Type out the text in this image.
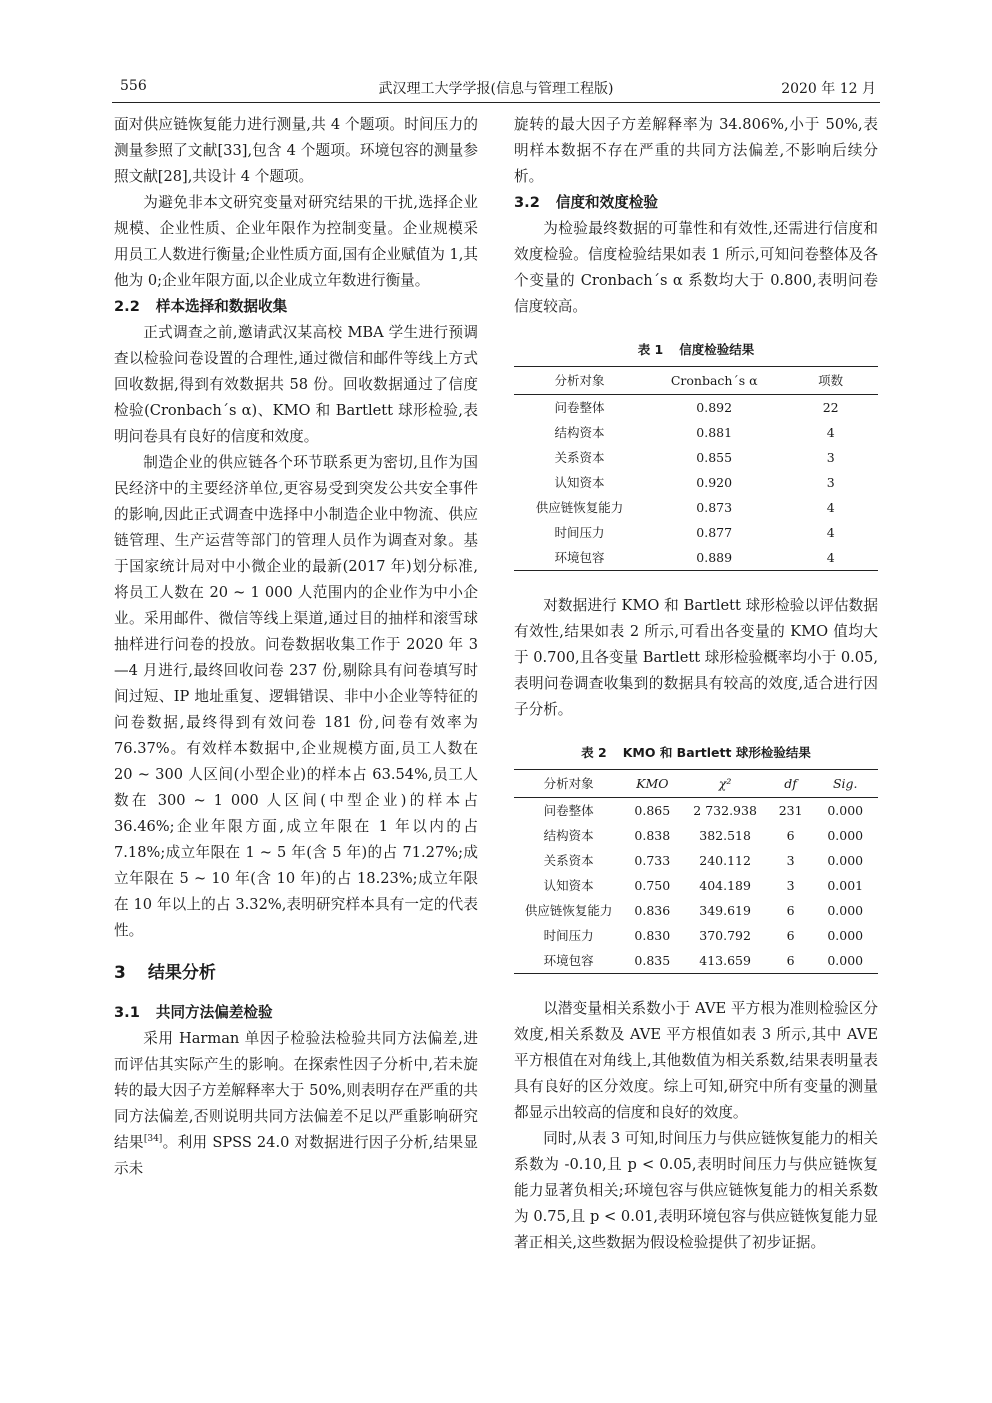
556	武汉理工大学学报(信息与管理工程版)	2020 年 12 月

面对供应链恢复能力进行测量,共 4 个题项。时间压力的测量参照了文献[33],包含 4 个题项。环境包容的测量参照文献[28],共设计 4 个题项。

为避免非本文研究变量对研究结果的干扰,选择企业规模、企业性质、企业年限作为控制变量。企业规模采用员工人数进行衡量;企业性质方面,国有企业赋值为 1,其他为 0;企业年限方面,以企业成立年数进行衡量。

2.2 样本选择和数据收集

正式调查之前,邀请武汉某高校 MBA 学生进行预调查以检验问卷设置的合理性,通过微信和邮件等线上方式回收数据,得到有效数据共 58 份。回收数据通过了信度检验(Cronbach´s α)、KMO 和 Bartlett 球形检验,表明问卷具有良好的信度和效度。

制造企业的供应链各个环节联系更为密切,且作为国民经济中的主要经济单位,更容易受到突发公共安全事件的影响,因此正式调查中选择中小制造企业中物流、供应链管理、生产运营等部门的管理人员作为调查对象。基于国家统计局对中小微企业的最新(2017 年)划分标准,将员工人数在 20 ~ 1 000 人范围内的企业作为中小企业。采用邮件、微信等线上渠道,通过目的抽样和滚雪球抽样进行问卷的投放。问卷数据收集工作于 2020 年 3—4 月进行,最终回收问卷 237 份,剔除具有问卷填写时间过短、IP 地址重复、逻辑错误、非中小企业等特征的问卷数据,最终得到有效问卷 181 份,问卷有效率为 76.37%。有效样本数据中,企业规模方面,员工人数在 20 ~ 300 人区间(小型企业)的样本占 63.54%,员工人数在 300 ~ 1 000 人区间(中型企业)的样本占 36.46%;企业年限方面,成立年限在 1 年以内的占 7.18%;成立年限在 1 ~ 5 年(含 5 年)的占 71.27%;成立年限在 5 ~ 10 年(含 10 年)的占 18.23%;成立年限在 10 年以上的占 3.32%,表明研究样本具有一定的代表性。

3 结果分析
3.1 共同方法偏差检验

采用 Harman 单因子检验法检验共同方法偏差,进而评估其实际产生的影响。在探索性因子分析中,若未旋转的最大因子方差解释率大于 50%,则表明存在严重的共同方法偏差,否则说明共同方法偏差不足以严重影响研究结果[34]。利用 SPSS 24.0 对数据进行因子分析,结果显示未

旋转的最大因子方差解释率为 34.806%,小于 50%,表明样本数据不存在严重的共同方法偏差,不影响后续分析。

3.2 信度和效度检验

为检验最终数据的可靠性和有效性,还需进行信度和效度检验。信度检验结果如表 1 所示,可知问卷整体及各个变量的 Cronbach´s α 系数均大于 0.800,表明问卷信度较高。

表 1 信度检验结果
分析对象	Cronbach´s α	项数
问卷整体	0.892	22
结构资本	0.881	4
关系资本	0.855	3
认知资本	0.920	3
供应链恢复能力	0.873	4
时间压力	0.877	4
环境包容	0.889	4

对数据进行 KMO 和 Bartlett 球形检验以评估数据有效性,结果如表 2 所示,可看出各变量的 KMO 值均大于 0.700,且各变量 Bartlett 球形检验概率均小于 0.05,表明问卷调查收集到的数据具有较高的效度,适合进行因子分析。

表 2 KMO 和 Bartlett 球形检验结果
分析对象	KMO	χ²	df	Sig.
问卷整体	0.865	2 732.938	231	0.000
结构资本	0.838	382.518	6	0.000
关系资本	0.733	240.112	3	0.000
认知资本	0.750	404.189	3	0.001
供应链恢复能力	0.836	349.619	6	0.000
时间压力	0.830	370.792	6	0.000
环境包容	0.835	413.659	6	0.000

以潜变量相关系数小于 AVE 平方根为准则检验区分效度,相关系数及 AVE 平方根值如表 3 所示,其中 AVE 平方根值在对角线上,其他数值为相关系数,结果表明量表具有良好的区分效度。综上可知,研究中所有变量的测量都显示出较高的信度和良好的效度。

同时,从表 3 可知,时间压力与供应链恢复能力的相关系数为 -0.10,且 p < 0.05,表明时间压力与供应链恢复能力显著负相关;环境包容与供应链恢复能力的相关系数为 0.75,且 p < 0.01,表明环境包容与供应链恢复能力显著正相关,这些数据为假设检验提供了初步证据。
